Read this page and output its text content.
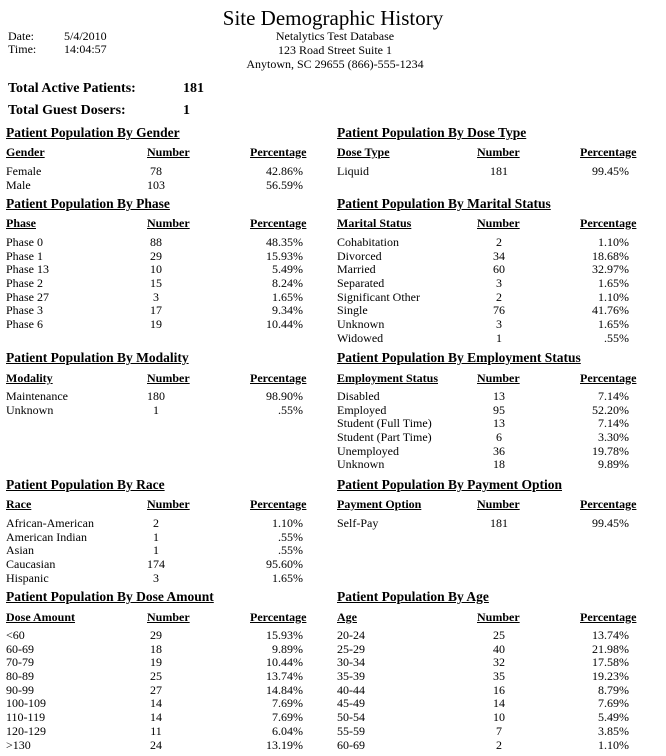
Site Demographic History
Date:	5/4/2010
Time: 14:04:57
Netalytics Test Database
123 Road Street Suite 1
Anytown, SC 29655 (866)-555-1234
Total Active Patients:	181
Total Guest Dosers:	1
Patient Population By Gender
Gender	Number	Percentage
Female	78	42.86%
Male	103	56.59%
Patient Population By Dose Type
Dose Type	Number	Percentage
Liquid	181	99.45%
Patient Population By Phase
Phase	Number	Percentage
Phase 0	88	48.35%
Phase 1	29	15.93%
Phase 13	10	5.49%
Phase 2	15	8.24%
Phase 27	3	1.65%
Phase 3	17	9.34%
Phase 6	19	10.44%
Patient Population By Marital Status
Marital Status	Number	Percentage
Cohabitation	2	1.10%
Divorced	34	18.68%
Married	60	32.97%
Separated	3	1.65%
Significant Other	2	1.10%
Single	76	41.76%
Unknown	3	1.65%
Widowed	1	.55%
Patient Population By Modality
Modality	Number	Percentage
Maintenance	180	98.90%
Unknown	1	.55%
Patient Population By Employment Status
Employment Status	Number	Percentage
Disabled	13	7.14%
Employed	95	52.20%
Student (Full Time)	13	7.14%
Student (Part Time)	6	3.30%
Unemployed	36	19.78%
Unknown	18	9.89%
Patient Population By Race
Race	Number	Percentage
African-American	2	1.10%
American Indian	1	.55%
Asian	1	.55%
Caucasian	174	95.60%
Hispanic	3	1.65%
Patient Population By Payment Option
Payment Option	Number	Percentage
Self-Pay	181	99.45%
Patient Population By Dose Amount
Dose Amount	Number	Percentage
<60	29	15.93%
60-69	18	9.89%
70-79	19	10.44%
80-89	25	13.74%
90-99	27	14.84%
100-109	14	7.69%
110-119	14	7.69%
120-129	11	6.04%
>130	24	13.19%
Patient Population By Age
Age	Number	Percentage
20-24	25	13.74%
25-29	40	21.98%
30-34	32	17.58%
35-39	35	19.23%
40-44	16	8.79%
45-49	14	7.69%
50-54	10	5.49%
55-59	7	3.85%
60-69	2	1.10%
